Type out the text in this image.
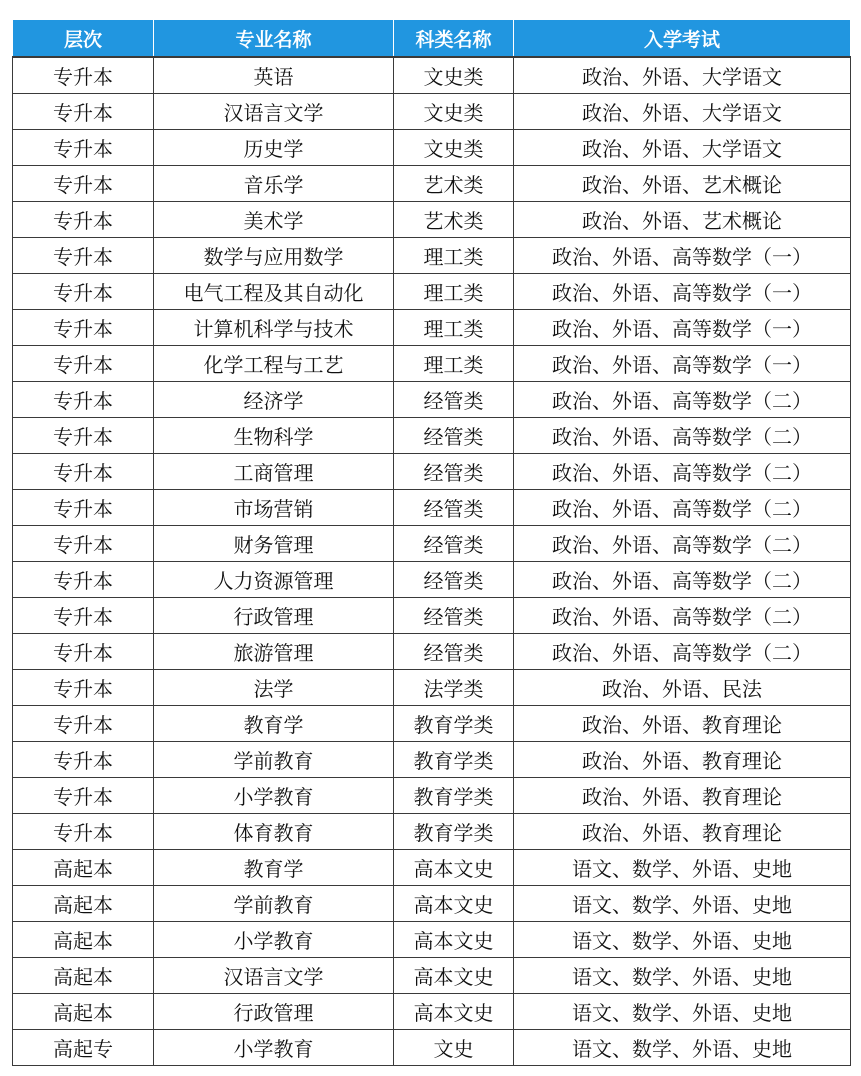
层次	专业名称	科类名称	入学考试
专升本	英语	文史类	政治、外语、大学语文
专升本	汉语言文学	文史类	政治、外语、大学语文
专升本	历史学	文史类	政治、外语、大学语文
专升本	音乐学	艺术类	政治、外语、艺术概论
专升本	美术学	艺术类	政治、外语、艺术概论
专升本	数学与应用数学	理工类	政治、外语、高等数学（一）
专升本	电气工程及其自动化	理工类	政治、外语、高等数学（一）
专升本	计算机科学与技术	理工类	政治、外语、高等数学（一）
专升本	化学工程与工艺	理工类	政治、外语、高等数学（一）
专升本	经济学	经管类	政治、外语、高等数学（二）
专升本	生物科学	经管类	政治、外语、高等数学（二）
专升本	工商管理	经管类	政治、外语、高等数学（二）
专升本	市场营销	经管类	政治、外语、高等数学（二）
专升本	财务管理	经管类	政治、外语、高等数学（二）
专升本	人力资源管理	经管类	政治、外语、高等数学（二）
专升本	行政管理	经管类	政治、外语、高等数学（二）
专升本	旅游管理	经管类	政治、外语、高等数学（二）
专升本	法学	法学类	政治、外语、民法
专升本	教育学	教育学类	政治、外语、教育理论
专升本	学前教育	教育学类	政治、外语、教育理论
专升本	小学教育	教育学类	政治、外语、教育理论
专升本	体育教育	教育学类	政治、外语、教育理论
高起本	教育学	高本文史	语文、数学、外语、史地
高起本	学前教育	高本文史	语文、数学、外语、史地
高起本	小学教育	高本文史	语文、数学、外语、史地
高起本	汉语言文学	高本文史	语文、数学、外语、史地
高起本	行政管理	高本文史	语文、数学、外语、史地
高起专	小学教育	文史	语文、数学、外语、史地
